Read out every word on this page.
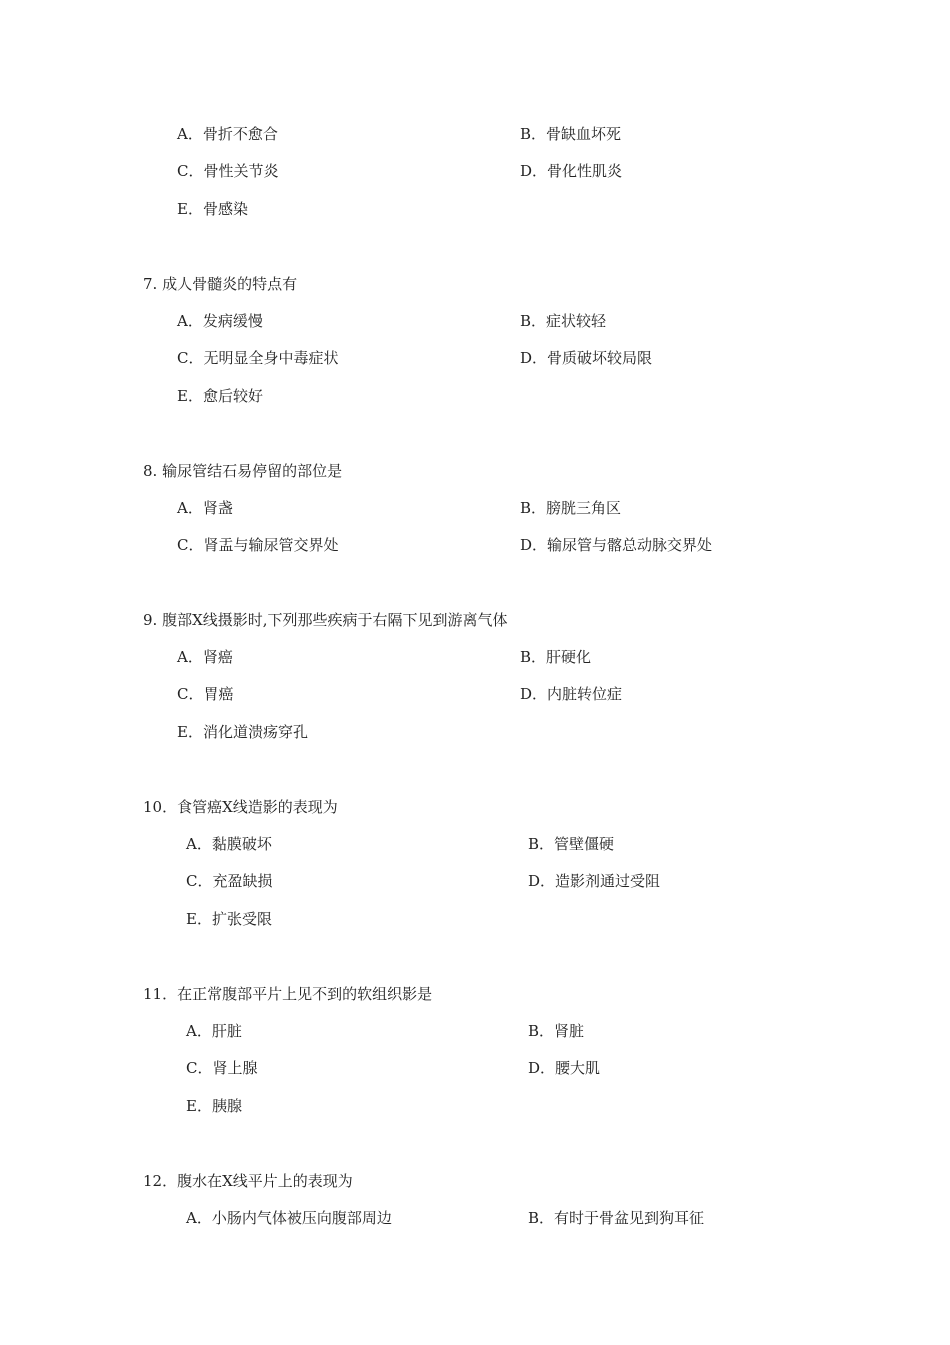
A．骨折不愈合	B．骨缺血坏死
C．骨性关节炎	D．骨化性肌炎
E．骨感染
7. 成人骨髓炎的特点有
A．发病缓慢	B．症状较轻
C．无明显全身中毒症状	D．骨质破坏较局限
E．愈后较好
8. 输尿管结石易停留的部位是
A．肾盏	B．膀胱三角区
C．肾盂与输尿管交界处	D．输尿管与髂总动脉交界处
9. 腹部X线摄影时,下列那些疾病于右隔下见到游离气体
A．肾癌	B．肝硬化
C．胃癌	D．内脏转位症
E．消化道溃疡穿孔
10．食管癌X线造影的表现为
A．黏膜破坏	B．管壁僵硬
C．充盈缺损	D．造影剂通过受阻
E．扩张受限
11．在正常腹部平片上见不到的软组织影是
A．肝脏	B．肾脏
C．肾上腺	D．腰大肌
E．胰腺
12．腹水在X线平片上的表现为
A．小肠内气体被压向腹部周边	B．有时于骨盆见到狗耳征
